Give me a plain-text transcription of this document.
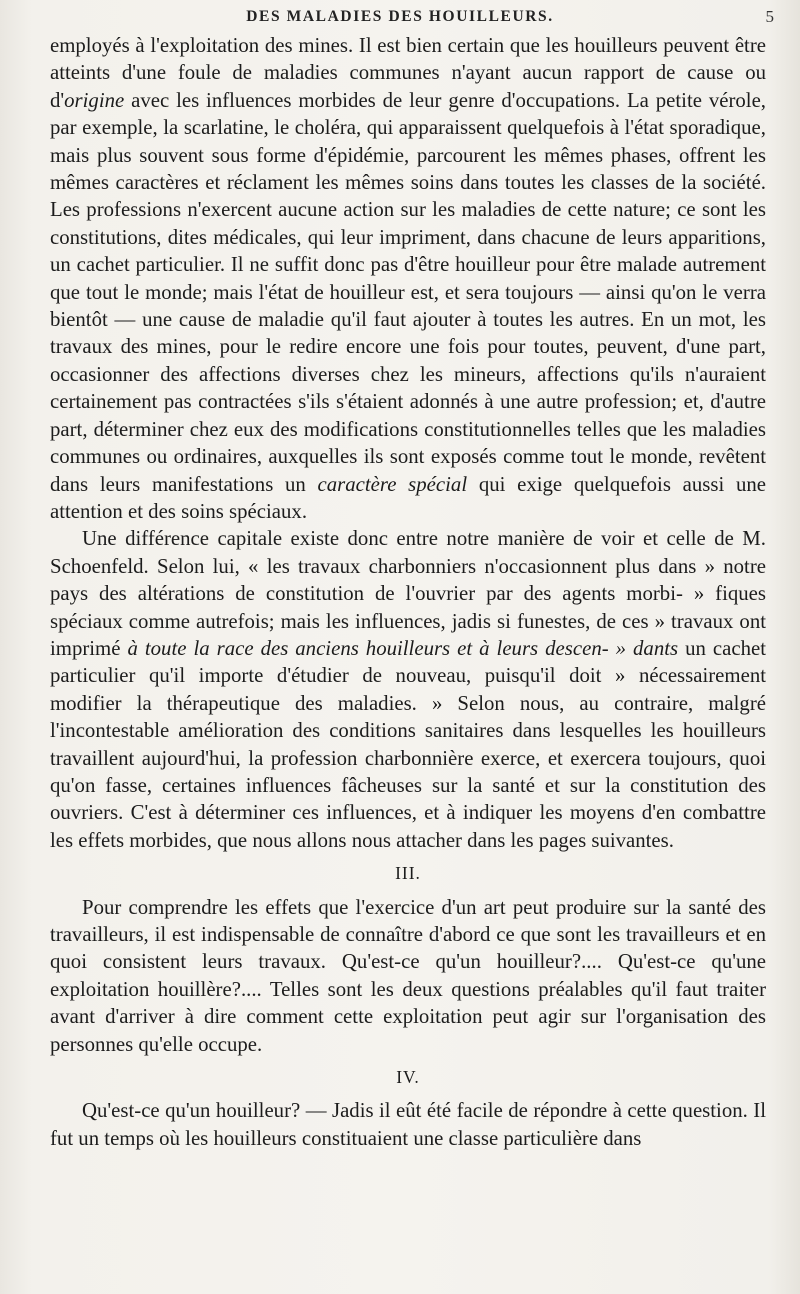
DES MALADIES DES HOUILLEURS.	5

employés à l'exploitation des mines. Il est bien certain que les houilleurs peuvent être atteints d'une foule de maladies communes n'ayant aucun rapport de cause ou d'origine avec les influences morbides de leur genre d'occupations. La petite vérole, par exemple, la scarlatine, le choléra, qui apparaissent quelquefois à l'état sporadique, mais plus souvent sous forme d'épidémie, parcourent les mêmes phases, offrent les mêmes caractères et réclament les mêmes soins dans toutes les classes de la société. Les professions n'exercent aucune action sur les maladies de cette nature; ce sont les constitutions, dites médicales, qui leur impriment, dans chacune de leurs apparitions, un cachet particulier. Il ne suffit donc pas d'être houilleur pour être malade autrement que tout le monde; mais l'état de houilleur est, et sera toujours — ainsi qu'on le verra bientôt — une cause de maladie qu'il faut ajouter à toutes les autres. En un mot, les travaux des mines, pour le redire encore une fois pour toutes, peuvent, d'une part, occasionner des affections diverses chez les mineurs, affections qu'ils n'auraient certainement pas contractées s'ils s'étaient adonnés à une autre profession; et, d'autre part, déterminer chez eux des modifications constitutionnelles telles que les maladies communes ou ordinaires, auxquelles ils sont exposés comme tout le monde, revêtent dans leurs manifestations un caractère spécial qui exige quelquefois aussi une attention et des soins spéciaux.

Une différence capitale existe donc entre notre manière de voir et celle de M. Schoenfeld. Selon lui, « les travaux charbonniers n'occasionnent plus dans » notre pays des altérations de constitution de l'ouvrier par des agents morbi- » fiques spéciaux comme autrefois; mais les influences, jadis si funestes, de ces » travaux ont imprimé à toute la race des anciens houilleurs et à leurs descen- » dants un cachet particulier qu'il importe d'étudier de nouveau, puisqu'il doit » nécessairement modifier la thérapeutique des maladies. » Selon nous, au contraire, malgré l'incontestable amélioration des conditions sanitaires dans lesquelles les houilleurs travaillent aujourd'hui, la profession charbonnière exerce, et exercera toujours, quoi qu'on fasse, certaines influences fâcheuses sur la santé et sur la constitution des ouvriers. C'est à déterminer ces influences, et à indiquer les moyens d'en combattre les effets morbides, que nous allons nous attacher dans les pages suivantes.

III.

Pour comprendre les effets que l'exercice d'un art peut produire sur la santé des travailleurs, il est indispensable de connaître d'abord ce que sont les travailleurs et en quoi consistent leurs travaux. Qu'est-ce qu'un houilleur?.... Qu'est-ce qu'une exploitation houillère?.... Telles sont les deux questions préalables qu'il faut traiter avant d'arriver à dire comment cette exploitation peut agir sur l'organisation des personnes qu'elle occupe.

IV.

Qu'est-ce qu'un houilleur? — Jadis il eût été facile de répondre à cette question. Il fut un temps où les houilleurs constituaient une classe particulière dans
